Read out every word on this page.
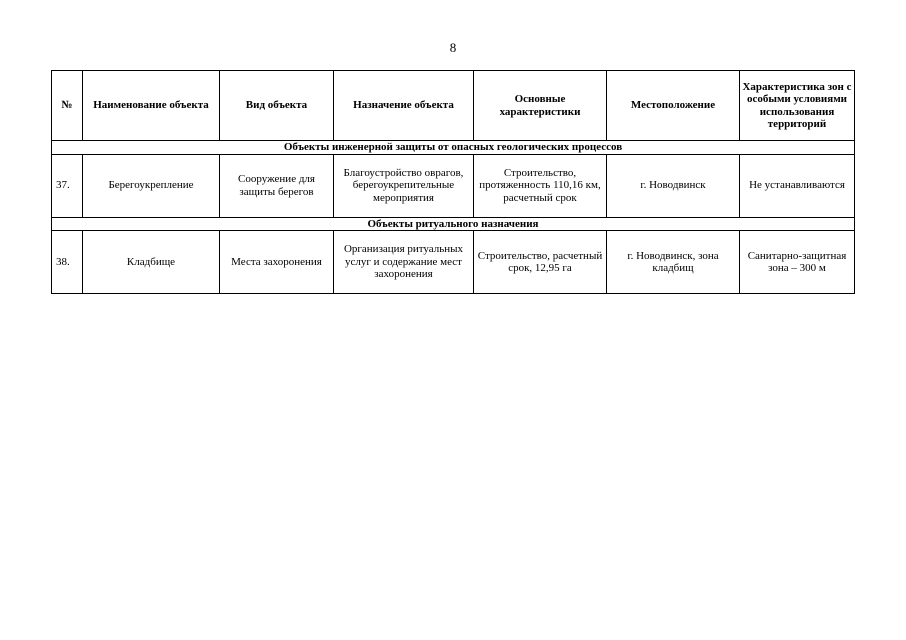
8
№	Наименование объекта	Вид объекта	Назначение объекта	Основные характеристики	Местоположение	Характеристика зон с особыми условиями использования территорий
Объекты инженерной защиты от опасных геологических процессов						
37.	Берегоукрепление	Сооружение для защиты берегов	Благоустройство оврагов, берегоукрепительные мероприятия	Строительство, протяженность 110,16 км, расчетный срок	г. Новодвинск	Не устанавливаются
Объекты ритуального назначения						
38.	Кладбище	Места захоронения	Организация ритуальных услуг и содержание мест захоронения	Строительство, расчетный срок, 12,95 га	г. Новодвинск, зона кладбищ	Санитарно-защитная зона – 300 м
